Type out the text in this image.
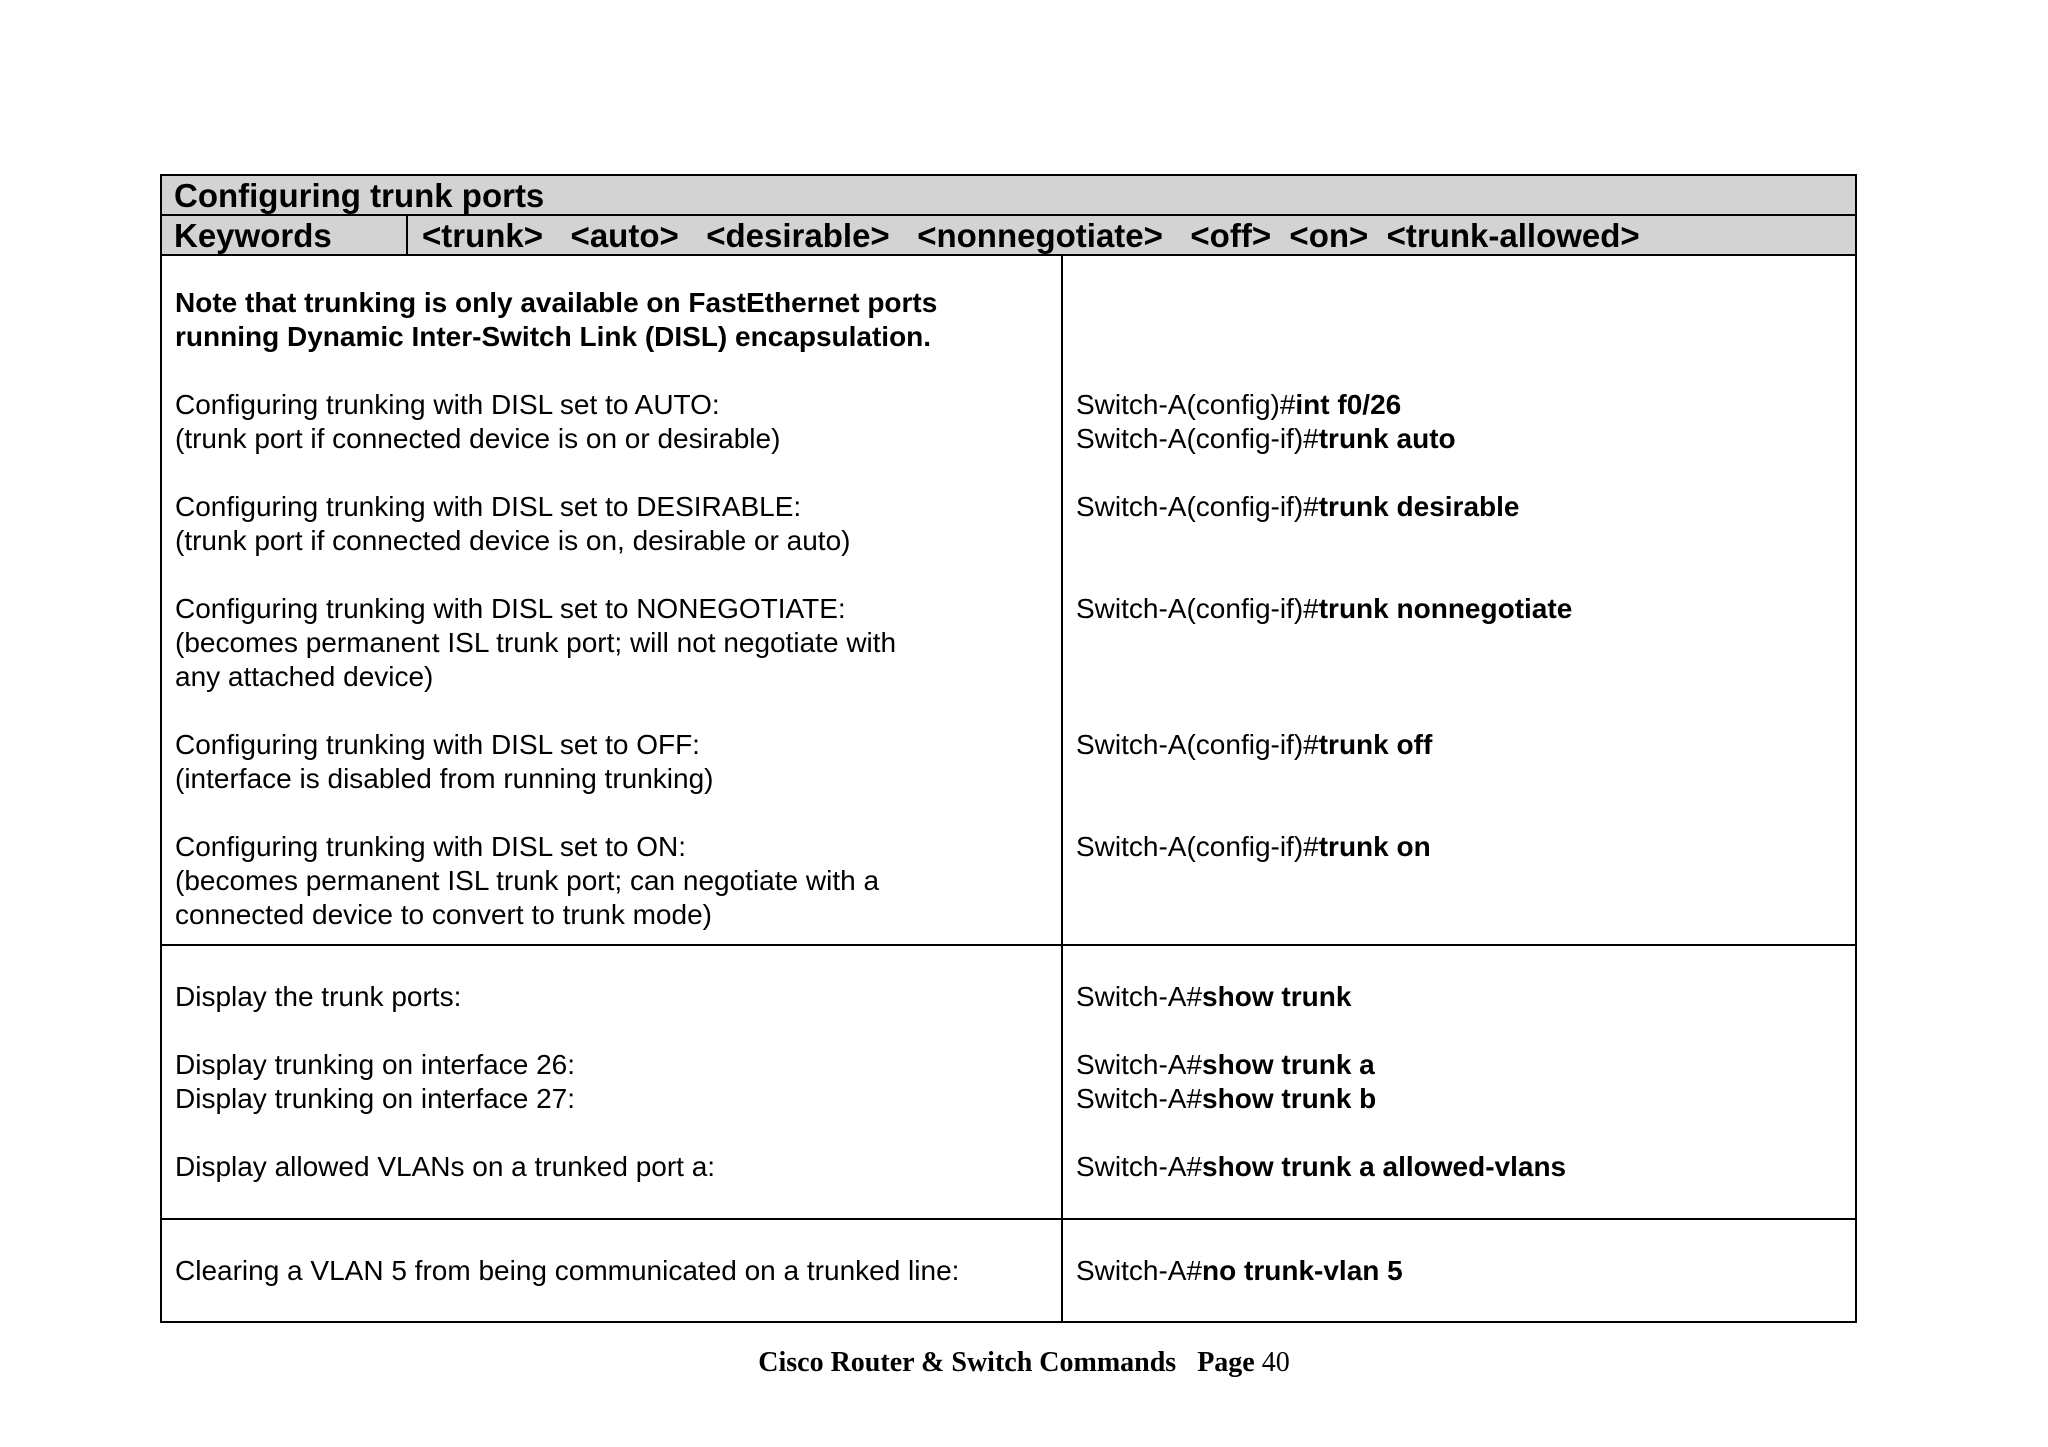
Configuring trunk ports
Keywords	<trunk>   <auto>   <desirable>   <nonnegotiate>   <off>  <on>  <trunk-allowed>
Note that trunking is only available on FastEthernet ports
running Dynamic Inter-Switch Link (DISL) encapsulation.
Configuring trunking with DISL set to AUTO:
(trunk port if connected device is on or desirable)
Configuring trunking with DISL set to DESIRABLE:
(trunk port if connected device is on, desirable or auto)
Configuring trunking with DISL set to NONEGOTIATE:
(becomes permanent ISL trunk port; will not negotiate with
any attached device)
Configuring trunking with DISL set to OFF:
(interface is disabled from running trunking)
Configuring trunking with DISL set to ON:
(becomes permanent ISL trunk port; can negotiate with a
connected device to convert to trunk mode)
Switch-A(config)#int f0/26
Switch-A(config-if)#trunk auto
Switch-A(config-if)#trunk desirable
Switch-A(config-if)#trunk nonnegotiate
Switch-A(config-if)#trunk off
Switch-A(config-if)#trunk on
Display the trunk ports:
Display trunking on interface 26:
Display trunking on interface 27:
Display allowed VLANs on a trunked port a:
Switch-A#show trunk
Switch-A#show trunk a
Switch-A#show trunk b
Switch-A#show trunk a allowed-vlans
Clearing a VLAN 5 from being communicated on a trunked line:	Switch-A#no trunk-vlan 5
Cisco Router & Switch Commands Page 40
